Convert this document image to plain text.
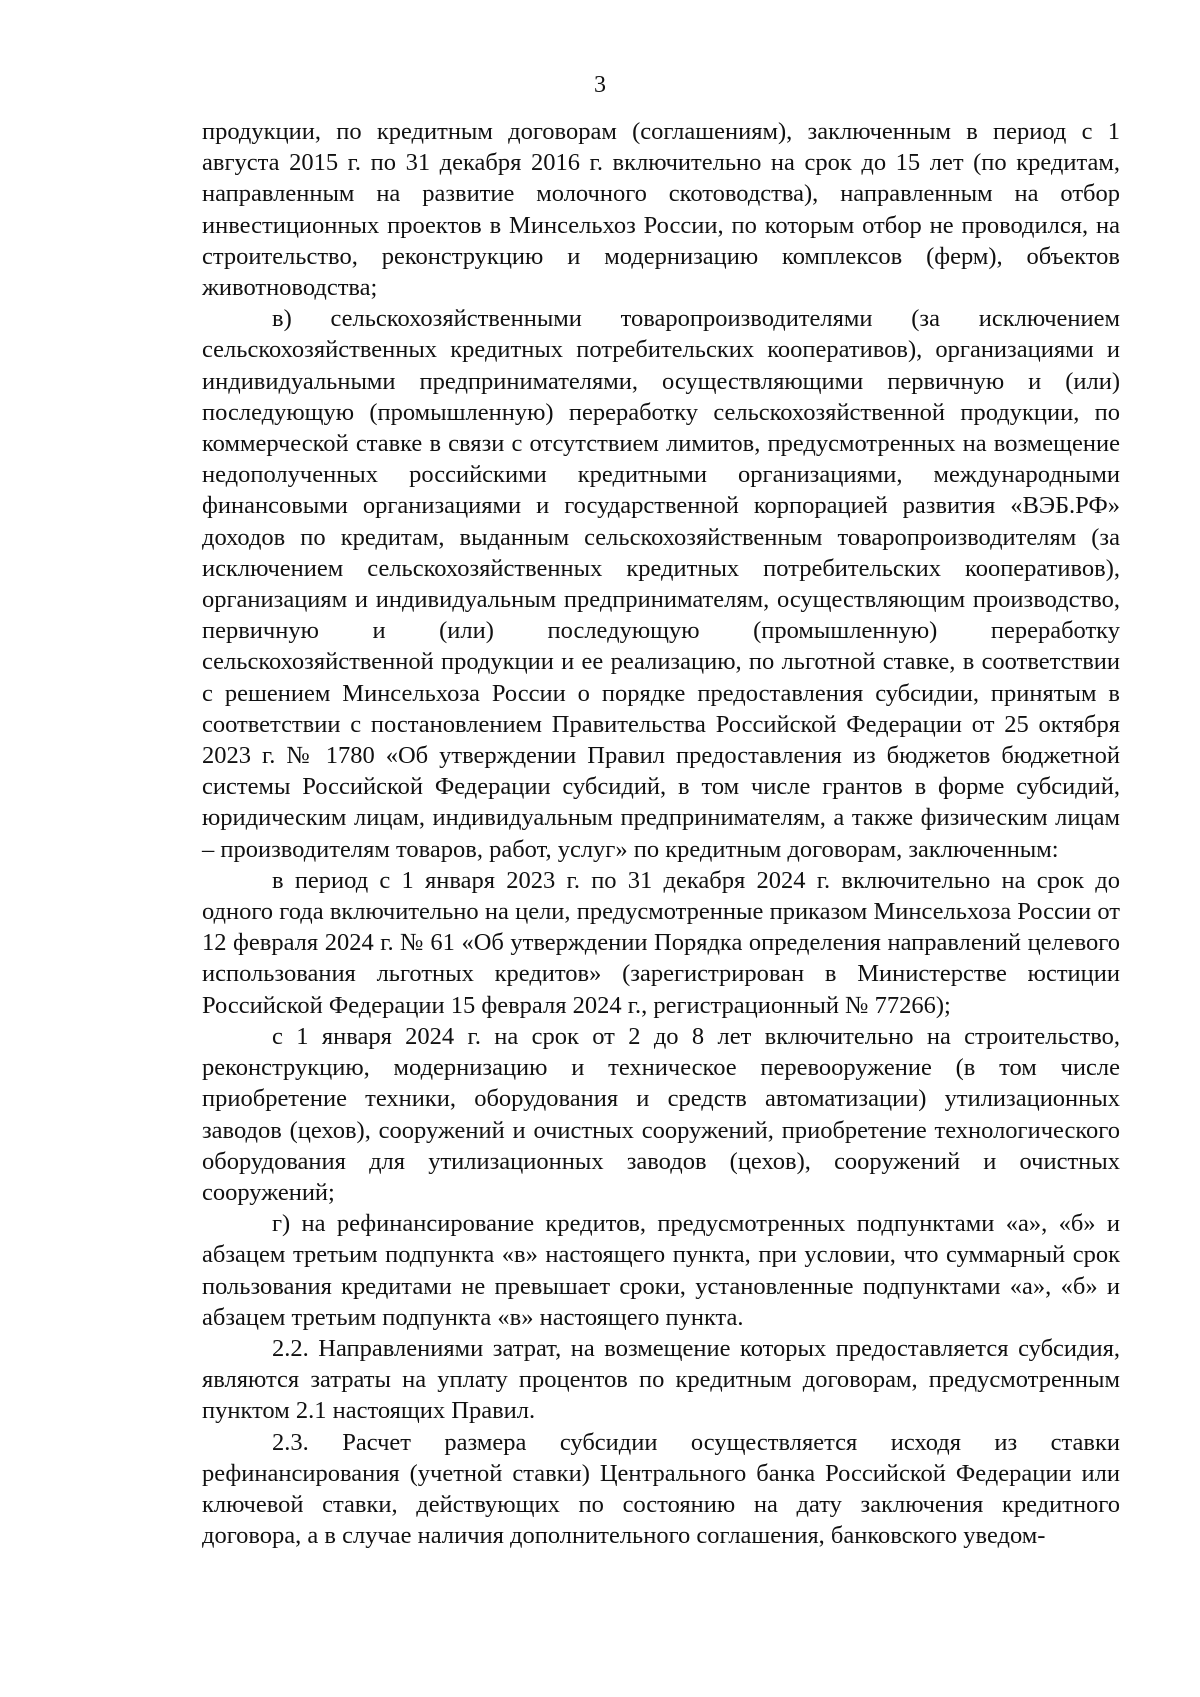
3

продукции, по кредитным договорам (соглашениям), заключенным в период с 1 августа 2015 г. по 31 декабря 2016 г. включительно на срок до 15 лет (по кредитам, направленным на развитие молочного скотоводства), направленным на отбор инвестиционных проектов в Минсельхоз России, по которым отбор не проводился, на строительство, реконструкцию и модернизацию комплексов (ферм), объектов животноводства;

в) сельскохозяйственными товаропроизводителями (за исключением сельскохозяйственных кредитных потребительских кооперативов), организациями и индивидуальными предпринимателями, осуществляющими первичную и (или) последующую (промышленную) переработку сельскохозяйственной продукции, по коммерческой ставке в связи с отсутствием лимитов, предусмотренных на возмещение недополученных российскими кредитными организациями, международными финансовыми организациями и государственной корпорацией развития «ВЭБ.РФ» доходов по кредитам, выданным сельскохозяйственным товаропроизводителям (за исключением сельскохозяйственных кредитных потребительских кооперативов), организациям и индивидуальным предпринимателям, осуществляющим производство, первичную и (или) последующую (промышленную) переработку сельскохозяйственной продукции и ее реализацию, по льготной ставке, в соответствии с решением Минсельхоза России о порядке предоставления субсидии, принятым в соответствии с постановлением Правительства Российской Федерации от 25 октября 2023 г. № 1780 «Об утверждении Правил предоставления из бюджетов бюджетной системы Российской Федерации субсидий, в том числе грантов в форме субсидий, юридическим лицам, индивидуальным предпринимателям, а также физическим лицам – производителям товаров, работ, услуг» по кредитным договорам, заключенным:

в период с 1 января 2023 г. по 31 декабря 2024 г. включительно на срок до одного года включительно на цели, предусмотренные приказом Минсельхоза России от 12 февраля 2024 г. № 61 «Об утверждении Порядка определения направлений целевого использования льготных кредитов» (зарегистрирован в Министерстве юстиции Российской Федерации 15 февраля 2024 г., регистрационный № 77266);

с 1 января 2024 г. на срок от 2 до 8 лет включительно на строительство, реконструкцию, модернизацию и техническое перевооружение (в том числе приобретение техники, оборудования и средств автоматизации) утилизационных заводов (цехов), сооружений и очистных сооружений, приобретение технологического оборудования для утилизационных заводов (цехов), сооружений и очистных сооружений;

г) на рефинансирование кредитов, предусмотренных подпунктами «а», «б» и абзацем третьим подпункта «в» настоящего пункта, при условии, что суммарный срок пользования кредитами не превышает сроки, установленные подпунктами «а», «б» и абзацем третьим подпункта «в» настоящего пункта.

2.2. Направлениями затрат, на возмещение которых предоставляется субсидия, являются затраты на уплату процентов по кредитным договорам, предусмотренным пунктом 2.1 настоящих Правил.

2.3. Расчет размера субсидии осуществляется исходя из ставки рефинансирования (учетной ставки) Центрального банка Российской Федерации или ключевой ставки, действующих по состоянию на дату заключения кредитного договора, а в случае наличия дополнительного соглашения, банковского уведом-
